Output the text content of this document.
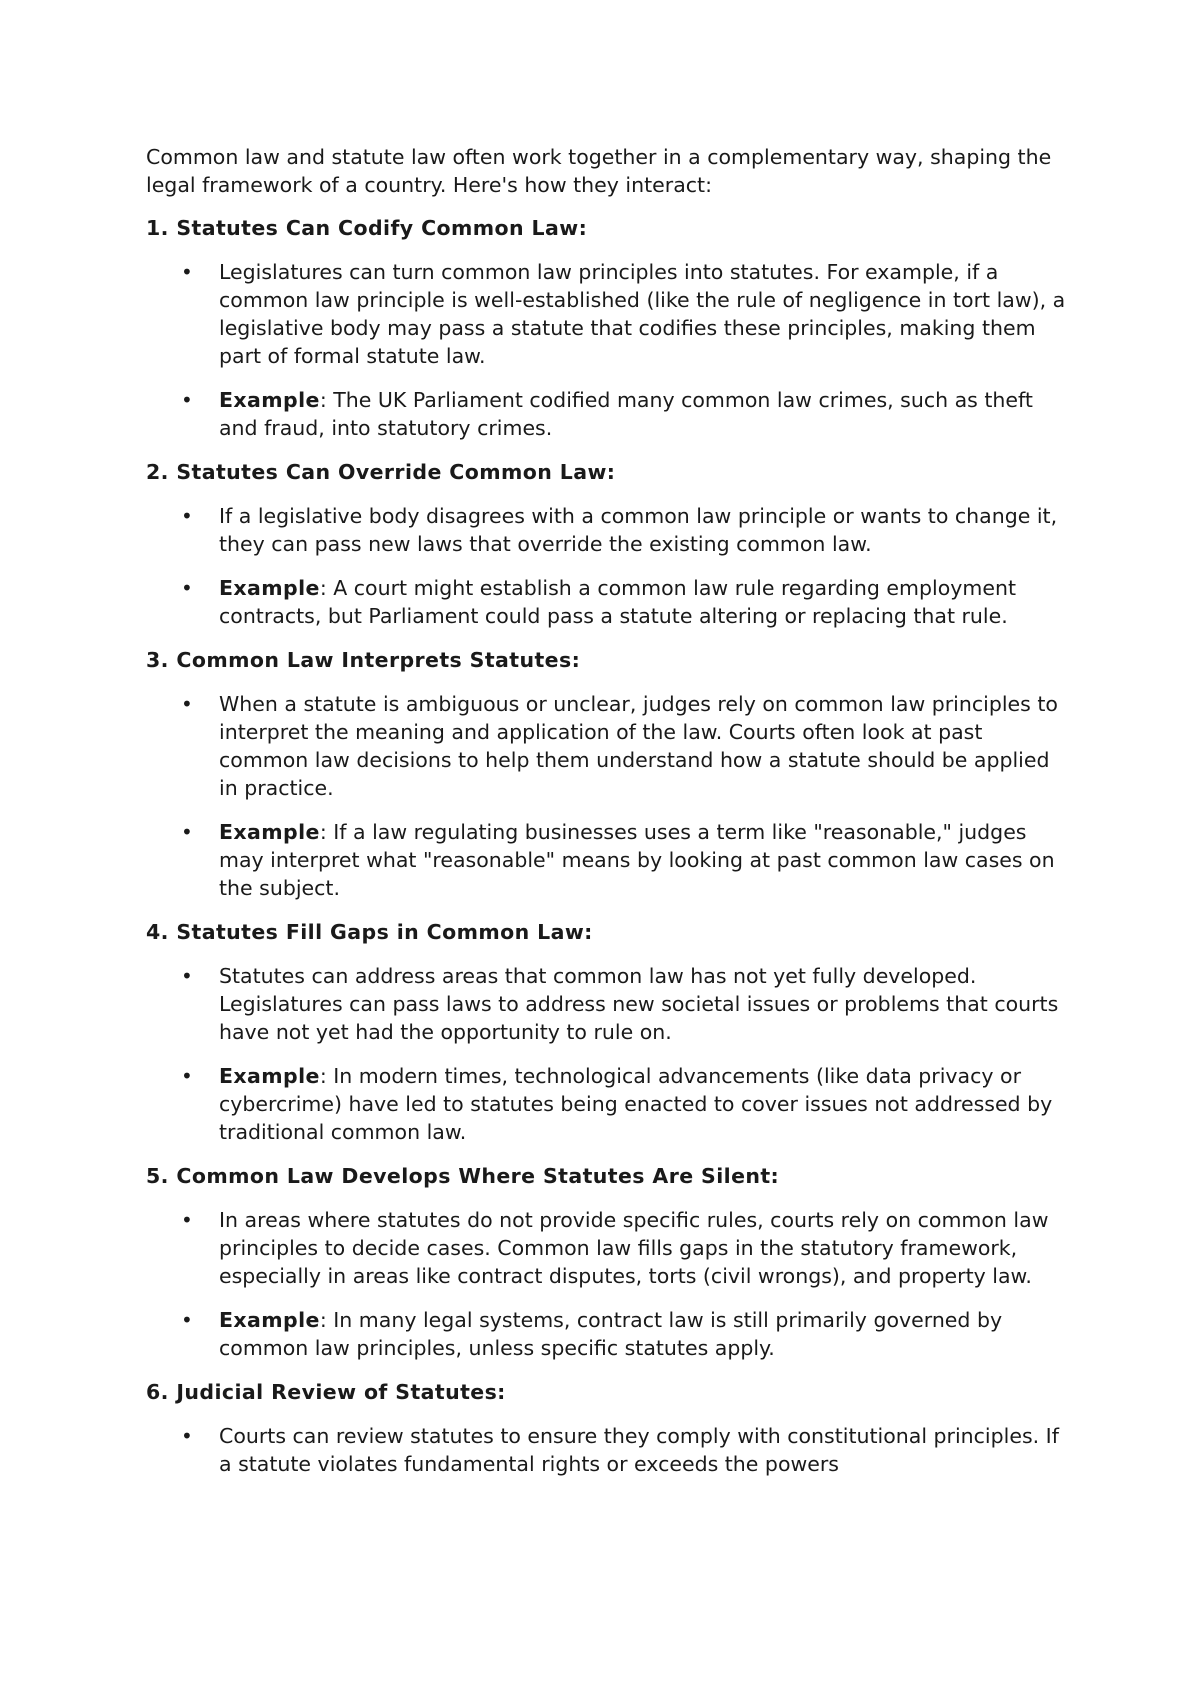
Common law and statute law often work together in a complementary way, shaping the legal framework of a country. Here's how they interact:

1. Statutes Can Codify Common Law:
• Legislatures can turn common law principles into statutes. For example, if a common law principle is well-established (like the rule of negligence in tort law), a legislative body may pass a statute that codifies these principles, making them part of formal statute law.
• Example: The UK Parliament codified many common law crimes, such as theft and fraud, into statutory crimes.
2. Statutes Can Override Common Law:
• If a legislative body disagrees with a common law principle or wants to change it, they can pass new laws that override the existing common law.
• Example: A court might establish a common law rule regarding employment contracts, but Parliament could pass a statute altering or replacing that rule.
3. Common Law Interprets Statutes:
• When a statute is ambiguous or unclear, judges rely on common law principles to interpret the meaning and application of the law. Courts often look at past common law decisions to help them understand how a statute should be applied in practice.
• Example: If a law regulating businesses uses a term like "reasonable," judges may interpret what "reasonable" means by looking at past common law cases on the subject.
4. Statutes Fill Gaps in Common Law:
• Statutes can address areas that common law has not yet fully developed. Legislatures can pass laws to address new societal issues or problems that courts have not yet had the opportunity to rule on.
• Example: In modern times, technological advancements (like data privacy or cybercrime) have led to statutes being enacted to cover issues not addressed by traditional common law.
5. Common Law Develops Where Statutes Are Silent:
• In areas where statutes do not provide specific rules, courts rely on common law principles to decide cases. Common law fills gaps in the statutory framework, especially in areas like contract disputes, torts (civil wrongs), and property law.
• Example: In many legal systems, contract law is still primarily governed by common law principles, unless specific statutes apply.
6. Judicial Review of Statutes:
• Courts can review statutes to ensure they comply with constitutional principles. If a statute violates fundamental rights or exceeds the powers
